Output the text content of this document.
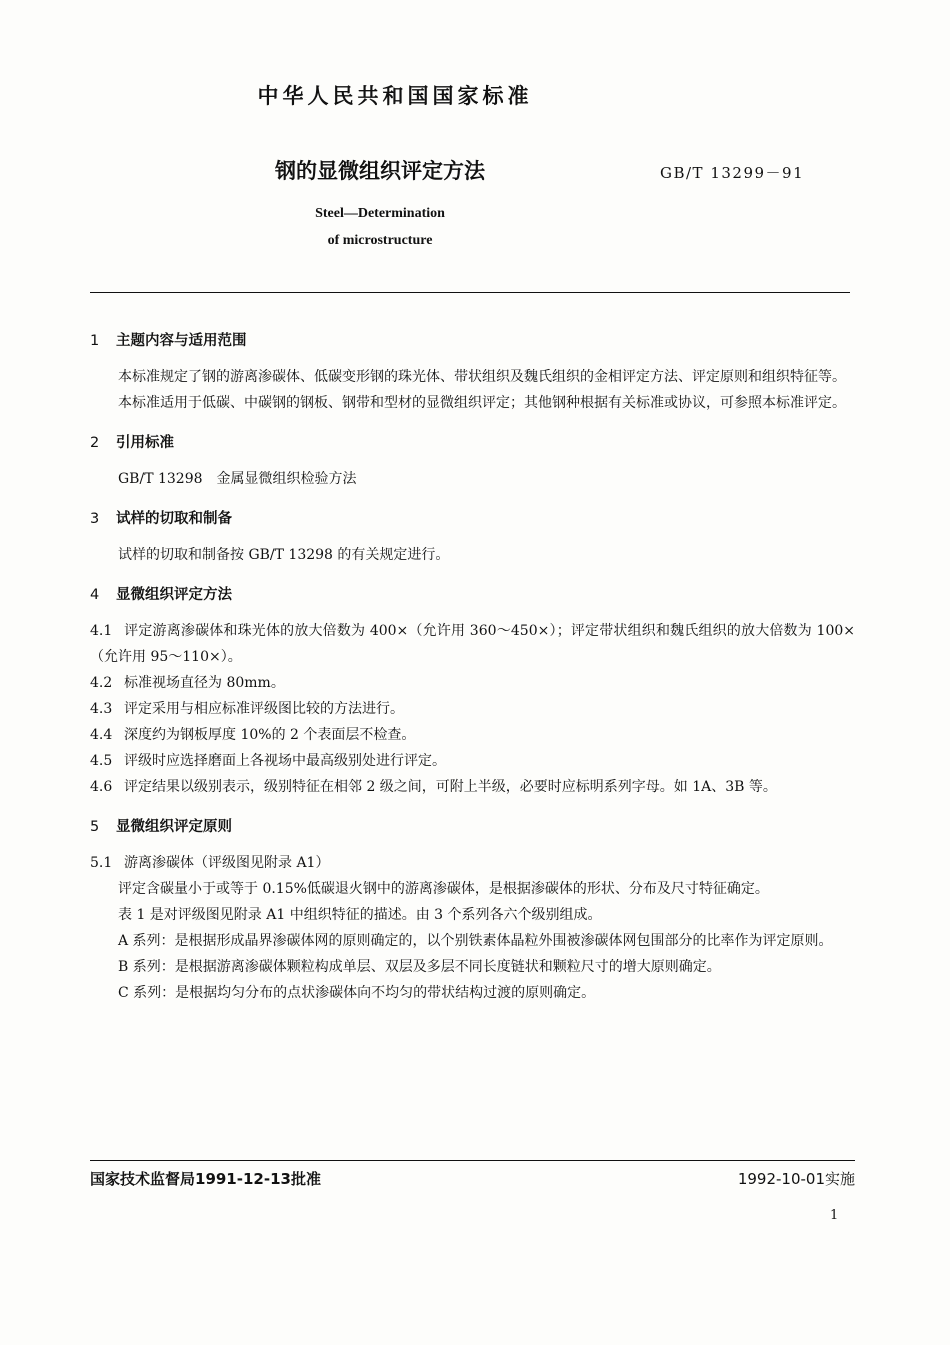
中华人民共和国国家标准
钢的显微组织评定方法	GB/T 13299－91
Steel—Determination
of microstructure

1 主题内容与适用范围

本标准规定了钢的游离渗碳体、低碳变形钢的珠光体、带状组织及魏氏组织的金相评定方法、评定原则和组织特征等。

本标准适用于低碳、中碳钢的钢板、钢带和型材的显微组织评定；其他钢种根据有关标准或协议，可参照本标准评定。

2 引用标准

GB/T 13298　金属显微组织检验方法

3 试样的切取和制备

试样的切取和制备按 GB/T 13298 的有关规定进行。

4 显微组织评定方法

4.1 评定游离渗碳体和珠光体的放大倍数为 400×（允许用 360～450×）；评定带状组织和魏氏组织的放大倍数为 100×（允许用 95～110×）。

4.2 标准视场直径为 80mm。

4.3 评定采用与相应标准评级图比较的方法进行。

4.4 深度约为钢板厚度 10%的 2 个表面层不检查。

4.5 评级时应选择磨面上各视场中最高级别处进行评定。

4.6 评定结果以级别表示，级别特征在相邻 2 级之间，可附上半级，必要时应标明系列字母。如 1A、3B 等。

5 显微组织评定原则

5.1 游离渗碳体（评级图见附录 A1）

评定含碳量小于或等于 0.15%低碳退火钢中的游离渗碳体，是根据渗碳体的形状、分布及尺寸特征确定。

表 1 是对评级图见附录 A1 中组织特征的描述。由 3 个系列各六个级别组成。

A 系列：是根据形成晶界渗碳体网的原则确定的，以个别铁素体晶粒外围被渗碳体网包围部分的比率作为评定原则。

B 系列：是根据游离渗碳体颗粒构成单层、双层及多层不同长度链状和颗粒尺寸的增大原则确定。

C 系列：是根据均匀分布的点状渗碳体向不均匀的带状结构过渡的原则确定。

国家技术监督局1991-12-13批准	1992-10-01实施
1
